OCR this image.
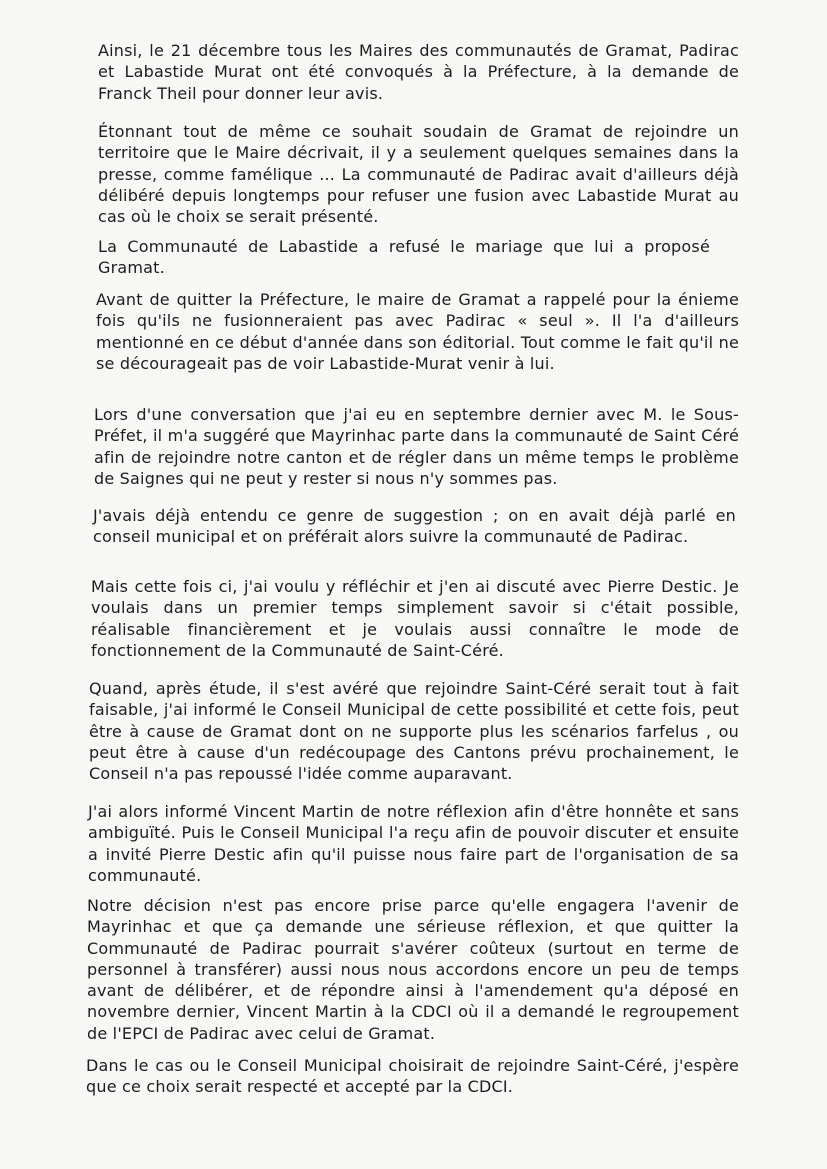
Ainsi, le 21 décembre tous les Maires des communautés de Gramat, Padirac et Labastide Murat ont été convoqués à la Préfecture, à la demande de Franck Theil pour donner leur avis.

Étonnant tout de même ce souhait soudain de Gramat de rejoindre un territoire que le Maire décrivait, il y a seulement quelques semaines dans la presse, comme famélique ... La communauté de Padirac avait d'ailleurs déjà délibéré depuis longtemps pour refuser une fusion avec Labastide Murat au cas où le choix se serait présenté.

La Communauté de Labastide a refusé le mariage que lui a proposé Gramat.

Avant de quitter la Préfecture, le maire de Gramat a rappelé pour la énieme fois qu'ils ne fusionneraient pas avec Padirac « seul ». Il l'a d'ailleurs mentionné en ce début d'année dans son éditorial. Tout comme le fait qu'il ne se décourageait pas de voir Labastide-Murat venir à lui.

Lors d'une conversation que j'ai eu en septembre dernier avec M. le Sous-Préfet, il m'a suggéré que Mayrinhac parte dans la communauté de Saint Céré afin de rejoindre notre canton et de régler dans un même temps le problème de Saignes qui ne peut y rester si nous n'y sommes pas.

J'avais déjà entendu ce genre de suggestion ; on en avait déjà parlé en conseil municipal et on préférait alors suivre la communauté de Padirac.

Mais cette fois ci, j'ai voulu y réfléchir et j'en ai discuté avec Pierre Destic. Je voulais dans un premier temps simplement savoir si c'était possible, réalisable financièrement et je voulais aussi connaître le mode de fonctionnement de la Communauté de Saint-Céré.

Quand, après étude, il s'est avéré que rejoindre Saint-Céré serait tout à fait faisable, j'ai informé le Conseil Municipal de cette possibilité et cette fois, peut être à cause de Gramat dont on ne supporte plus les scénarios farfelus , ou peut être à cause d'un redécoupage des Cantons prévu prochainement, le Conseil n'a pas repoussé l'idée comme auparavant.

J'ai alors informé Vincent Martin de notre réflexion afin d'être honnête et sans ambiguïté. Puis le Conseil Municipal l'a reçu afin de pouvoir discuter et ensuite a invité Pierre Destic afin qu'il puisse nous faire part de l'organisation de sa communauté.

Notre décision n'est pas encore prise parce qu'elle engagera l'avenir de Mayrinhac et que ça demande une sérieuse réflexion, et que quitter la Communauté de Padirac pourrait s'avérer coûteux (surtout en terme de personnel à transférer) aussi nous nous accordons encore un peu de temps avant de délibérer, et de répondre ainsi à l'amendement qu'a déposé en novembre dernier, Vincent Martin à la CDCI où il a demandé le regroupement de l'EPCI de Padirac avec celui de Gramat.

Dans le cas ou le Conseil Municipal choisirait de rejoindre Saint-Céré, j'espère que ce choix serait respecté et accepté par la CDCI.
